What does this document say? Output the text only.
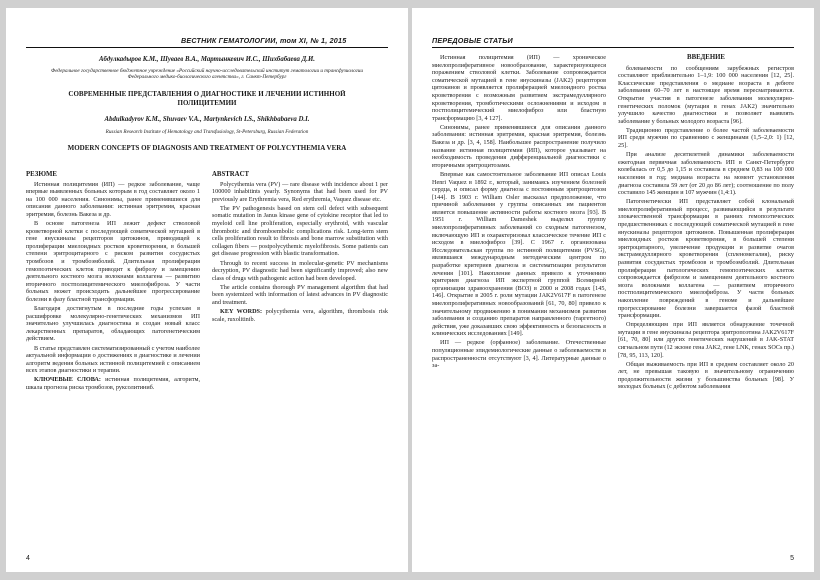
ВЕСТНИК ГЕМАТОЛОГИИ, том XI, № 1, 2015
Абдулкадыров К.М., Шуваев В.А., Мартынкевич И.С., Шихбабаева Д.И.
Федеральное государственное бюджетное учреждение «Российский научно-исследовательский институт гематологии и трансфузиологии Федерального медико-биологического агентства», г. Санкт-Петербург
СОВРЕМЕННЫЕ ПРЕДСТАВЛЕНИЯ О ДИАГНОСТИКЕ И ЛЕЧЕНИИ ИСТИННОЙ ПОЛИЦИТЕМИИ
Abdulkadyrov K.M., Shuvaev V.A., Martynkevich I.S., Shikhbabaeva D.I.
Russian Research Institute of Hematology and Transfusiology, St-Petersburg, Russian Federation
MODERN CONCEPTS OF DIAGNOSIS AND TREATMENT OF POLYCYTHEMIA VERA
РЕЗЮМЕ

Истинная полицитемия (ИП) — редкое заболевание, чаще впервые выявленных больных которым в год составляет около 1 на 100 000 населения. Синонимы, ранее применявшиеся для описания данного заболевания: истинная эритремия, красная эритремия, болезнь Вакеза и др.

В основе патогенеза ИП лежит дефект стволовой кроветворной клетки с последующей соматической мутацией в гене янускиназы рецепторов цитокинов, приводящей к пролиферации миелоидных ростков кроветворения, в большей степени эритроцитарного с риском развития сосудистых тромбозов и тромбоэмболий. Длительная пролиферация гемопоэтических клеток приводит к фиброзу и замещению деятельного костного мозга волокнами коллагена — развитию вторичного постполицитемического миелофиброза. У части больных может происходить дальнейшее прогрессирование болезни в фазу бластной трансформации.

Благодаря достигнутым в последние годы успехам в расшифровке молекулярно-генетических механизмов ИП значительно улучшилась диагностика и создан новый класс лекарственных препаратов, обладающих патогенетическим действием.

В статье представлен систематизированный с учетом наиболее актуальной информации о достижениях в диагностике и лечении алгоритм ведения больных истинной полицитемией с описанием всех этапов диагностики и терапии.

КЛЮЧЕВЫЕ СЛОВА: истинная полицитемия, алгоритм, шкала прогноза риска тромбозов, руксолитиниб.

ABSTRACT

Polycythemia vera (PV) — rare disease with incidence about 1 per 100000 inhabitints yearly. Synonyms that had been used for PV previously are Erythremia vera, Red erythremia, Vaquez disease etc.

The PV pathogenesis based on stem cell defect with subsequent somatic mutation in Janus kinase gene of cytokine receptor that led to myeloid cell line proliferation, especially erythroid, with vascular thrombotic and thromboembolic complications risk. Long-term stem cells proliferation result to fibrosis and bone marrow substitution with collagen fibers — postpolycythemic myelofibrosis. Some patients can get disease progression with blastic transformation.

Through to recent success in molecular-genetic PV mechanisms decryption, PV diagnostic had been significantly improved; also new class of drugs with pathogenic action had been developed.

The article contains thorough PV management algorithm that had been systemized with information of latest advances in PV diagnostic and treatment.

KEY WORDS: polycythemia vera, algorithm, thrombosis risk scale, ruxolitinib.

4
ПЕРЕДОВЫЕ СТАТЬИ

Истинная полицитемия (ИП) — хроническое миелопролиферативное новообразование, характеризующееся поражением стволовой клетки. Заболевание сопровождается соматической мутацией в гене янускиназы (JAK2) рецепторов цитокинов и проявляется пролиферацией миелоидного ростка кроветворения с возможным развитием экстрамедуллярного кроветворения, тромботическими осложнениями и исходом в постполицитемический миелофиброз или бластную трансформацию [3, 4 127].

Синонимы, ранее применявшиеся для описания данного заболевания: истинная эритремия, красная эритремия, болезнь Вакеза и др. [3, 4, 158]. Наибольшее распространение получило название истинная полицитемия (ИП), которое указывает на необходимость проведения дифференциальной диагностики с вторичными эритроцитозами.

Впервые как самостоятельное заболевание ИП описал Louis Henri Vaquez в 1892 г., который, занимаясь изучением болезней сердца, и описал форму диагноза с постоянным эритроцитозом [144]. В 1903 г. William Osler высказал предположение, что причиной заболевания у группы описанных им пациентов является повышение активности работы костного мозга [93]. В 1951 г. William Dameshek выделил группу миелопролиферативных заболеваний со сходным патогенезом, включающую ИП и охарактеризовал классическое течение ИП с исходом в миелофиброз [39]. С 1967 г. организована Исследовательская группа по истинной полицитемии (PVSG), являвшаяся международным методическим центром по разработке критериев диагноза и систематизации результатов лечения [101]. Накопление данных привело к уточнению критериев диагноза ИП экспертной группой Всемирной организации здравоохранения (ВОЗ) в 2000 и 2008 годах [145, 146]. Открытие в 2005 г. роли мутации JAK2V617F в патогенезе миелопролиферативных новообразований [61, 70, 80] привело к значительному продвижению в понимании механизмов развития заболевания и созданию препаратов направленного (таргетного) действия, уже доказавших свою эффективность и безопасность в клинических исследованиях [149].

ИП — редкое (орфанное) заболевание. Отечественные популяционные эпидемиологические данные о заболеваемости и распространенности отсутствуют [3, 4]. Литературные данные о за-

ВВЕДЕНИЕ

болеваемости по сообщениям зарубежных регистров составляют приблизительно 1–1,9: 100 000 населения [12, 25]. Классические представления о медиане возраста в дебюте заболевания 60–70 лет в настоящее время пересматриваются. Открытие участия в патогенезе заболевания молекулярно-генетических поломок (мутация в генах JAK2) значительно улучшило качество диагностики и позволяет выявлять заболевание у больных молодого возраста [96].

Традиционно представление о более частой заболеваемости ИП среди мужчин по сравнению с женщинами (1,5–2,0: 1) [12, 25].

При анализе десятилетней динамики заболеваемости ежегодная первичная заболеваемость ИП в Санкт-Петербурге колебалась от 0,5 до 1,15 и составила в среднем 0,83 на 100 000 населения в год; медиана возраста на момент установления диагноза составила 59 лет (от 20 до 86 лет); соотношение по полу составило 145 женщин и 107 мужчин (1,4:1).

Патогенетически ИП представляет собой клональный миелопролиферативный процесс, развивающийся в результате злокачественной трансформации в ранних гемопоэтических предшественниках с последующей соматической мутацией в гене янускиназы рецепторов цитокинов. Повышенная пролиферация миелоидных ростков кроветворения, в большей степени эритроцитарного, увеличение продукции и развитие очагов экстрамедуллярного кроветворения (спленомегалия), риску развития сосудистых тромбозов и тромбоэмболий. Длительная пролиферация патологических гемопоэтических клеток сопровождается фиброзом и замещением деятельного костного мозга волокнами коллагена — развитием вторичного постполицитемического миелофиброза. У части больных накопление повреждений в геноме и дальнейшее прогрессирование болезни завершается фазой бластной трансформации.

Определяющим при ИП является обнаружение точечной мутации в гене янускиназы рецептора эритропоэтина JAK2V617F [61, 70, 80] или других генетических нарушений в JAK-STAT сигнальном пути (12 экзоне гена JAK2, гене LNK, генах SOCs пр.) [78, 95, 113, 120].

Общая выживаемость при ИП в среднем составляет около 20 лет, не превышая таковую в значительному ограничению продолжительности жизни у большинства больных [98]. У молодых больных (с дебютом заболевания

5
